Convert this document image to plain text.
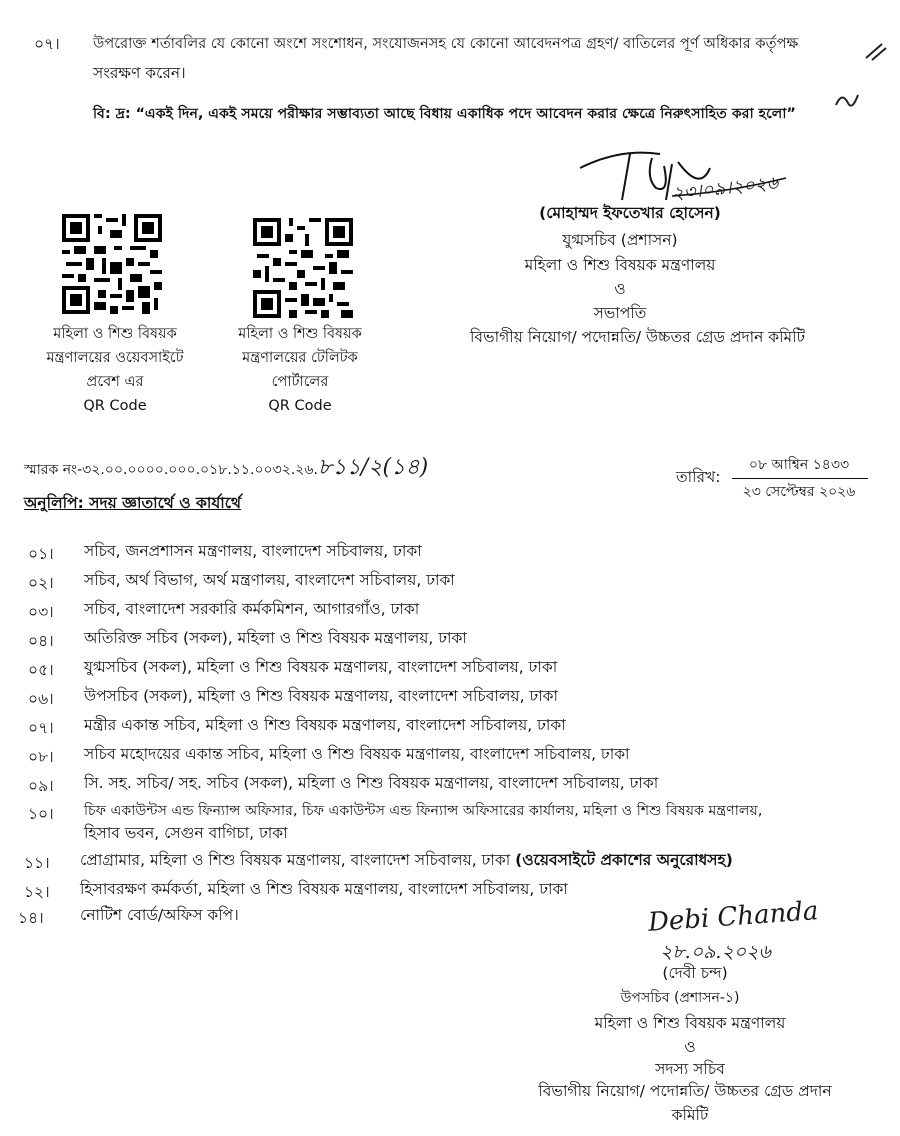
০৭। উপরোক্ত শর্তাবলির যে কোনো অংশে সংশোধন, সংযোজনসহ যে কোনো আবেদনপত্র গ্রহণ/ বাতিলের পূর্ণ অধিকার কর্তৃপক্ষ
সংরক্ষণ করেন।
বি: দ্র: “একই দিন, একই সময়ে পরীক্ষার সম্ভাব্যতা আছে বিধায় একাধিক পদে আবেদন করার ক্ষেত্রে নিরুৎসাহিত করা হলো”
২৩।০৯।২০২৬
(মোহাম্মদ ইফতেখার হোসেন)
যুগ্মসচিব (প্রশাসন)
মহিলা ও শিশু বিষয়ক মন্ত্রণালয়
ও
সভাপতি
বিভাগীয় নিয়োগ/ পদোন্নতি/ উচ্চতর গ্রেড প্রদান কমিটি
মহিলা ও শিশু বিষয়ক
মন্ত্রণালয়ের ওয়েবসাইটে
প্রবেশ এর
QR Code
মহিলা ও শিশু বিষয়ক
মন্ত্রণালয়ের টেলিটক
পোর্টালের
QR Code
স্মারক নং-৩২.০০.০০০০.০০০.০১৮.১১.০০৩২.২৬.৮১১/২(১৪)	তারিখ:
০৮ আশ্বিন ১৪৩৩
২৩ সেপ্টেম্বর ২০২৬
অনুলিপি: সদয় জ্ঞাতার্থে ও কার্যার্থে
০১।	সচিব, জনপ্রশাসন মন্ত্রণালয়, বাংলাদেশ সচিবালয়, ঢাকা
০২।	সচিব, অর্থ বিভাগ, অর্থ মন্ত্রণালয়, বাংলাদেশ সচিবালয়, ঢাকা
০৩।	সচিব, বাংলাদেশ সরকারি কর্মকমিশন, আগারগাঁও, ঢাকা
০৪।	অতিরিক্ত সচিব (সকল), মহিলা ও শিশু বিষয়ক মন্ত্রণালয়, ঢাকা
০৫।	যুগ্মসচিব (সকল), মহিলা ও শিশু বিষয়ক মন্ত্রণালয়, বাংলাদেশ সচিবালয়, ঢাকা
০৬।	উপসচিব (সকল), মহিলা ও শিশু বিষয়ক মন্ত্রণালয়, বাংলাদেশ সচিবালয়, ঢাকা
০৭।	মন্ত্রীর একান্ত সচিব, মহিলা ও শিশু বিষয়ক মন্ত্রণালয়, বাংলাদেশ সচিবালয়, ঢাকা
০৮।	সচিব মহোদয়ের একান্ত সচিব, মহিলা ও শিশু বিষয়ক মন্ত্রণালয়, বাংলাদেশ সচিবালয়, ঢাকা
০৯।	সি. সহ. সচিব/ সহ. সচিব (সকল), মহিলা ও শিশু বিষয়ক মন্ত্রণালয়, বাংলাদেশ সচিবালয়, ঢাকা
১০।	চিফ একাউন্টস এন্ড ফিন্যান্স অফিসার, চিফ একাউন্টস এন্ড ফিন্যান্স অফিসারের কার্যালয়, মহিলা ও শিশু বিষয়ক মন্ত্রণালয়,
হিসাব ভবন, সেগুন বাগিচা, ঢাকা
১১।	প্রোগ্রামার, মহিলা ও শিশু বিষয়ক মন্ত্রণালয়, বাংলাদেশ সচিবালয়, ঢাকা (ওয়েবসাইটে প্রকাশের অনুরোধসহ)
১২।	হিসাবরক্ষণ কর্মকর্তা, মহিলা ও শিশু বিষয়ক মন্ত্রণালয়, বাংলাদেশ সচিবালয়, ঢাকা
১৪।	নোটিশ বোর্ড/অফিস কপি।	Debi Chanda
২৮.০৯.২০২৬
(দেবী চন্দ)
উপসচিব (প্রশাসন-১)
মহিলা ও শিশু বিষয়ক মন্ত্রণালয়
ও
সদস্য সচিব
বিভাগীয় নিয়োগ/ পদোন্নতি/ উচ্চতর গ্রেড প্রদান
কমিটি
